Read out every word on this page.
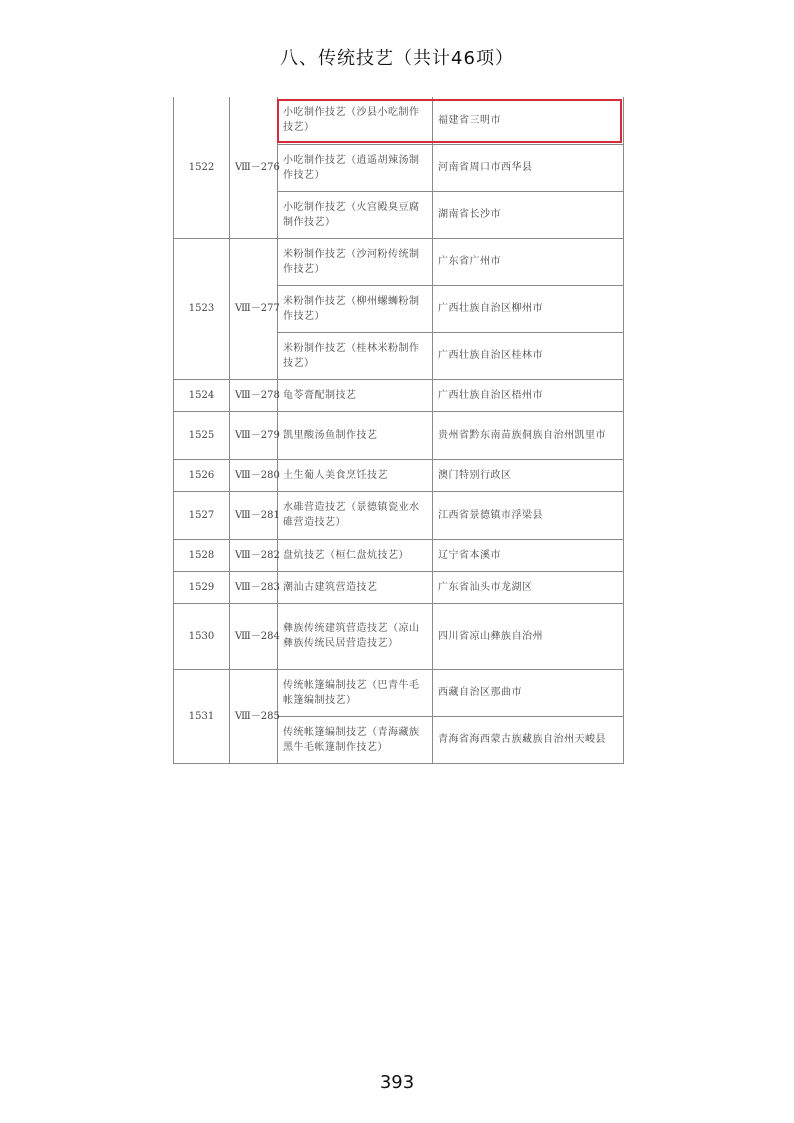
八、传统技艺（共计46项）
1522	Ⅷ－276	小吃制作技艺（沙县小吃制作技艺）	福建省三明市
		小吃制作技艺（逍遥胡辣汤制作技艺）	河南省周口市西华县
		小吃制作技艺（火宫殿臭豆腐制作技艺）	湖南省长沙市
1523	Ⅷ－277	米粉制作技艺（沙河粉传统制作技艺）	广东省广州市
		米粉制作技艺（柳州螺蛳粉制作技艺）	广西壮族自治区柳州市
		米粉制作技艺（桂林米粉制作技艺）	广西壮族自治区桂林市
1524	Ⅷ－278	龟苓膏配制技艺	广西壮族自治区梧州市
1525	Ⅷ－279	凯里酸汤鱼制作技艺	贵州省黔东南苗族侗族自治州凯里市
1526	Ⅷ－280	土生葡人美食烹饪技艺	澳门特别行政区
1527	Ⅷ－281	水碓营造技艺（景德镇瓷业水碓营造技艺）	江西省景德镇市浮梁县
1528	Ⅷ－282	盘炕技艺（桓仁盘炕技艺）	辽宁省本溪市
1529	Ⅷ－283	潮汕古建筑营造技艺	广东省汕头市龙湖区
1530	Ⅷ－284	彝族传统建筑营造技艺（凉山彝族传统民居营造技艺）	四川省凉山彝族自治州
1531	Ⅷ－285	传统帐篷编制技艺（巴青牛毛帐篷编制技艺）	西藏自治区那曲市
		传统帐篷编制技艺（青海藏族黑牛毛帐篷制作技艺）	青海省海西蒙古族藏族自治州天峻县
393
